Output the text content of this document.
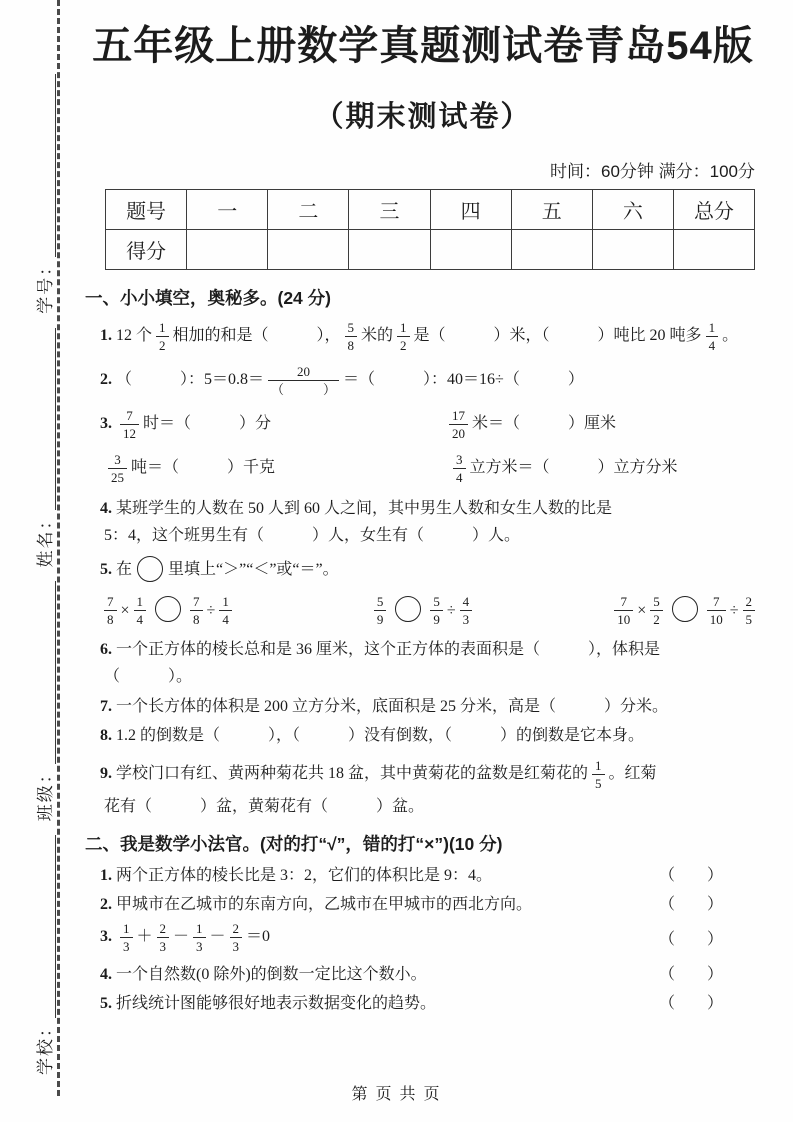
学校：
班级：
姓名：
学号：
五年级上册数学真题测试卷青岛54版
（期末测试卷）
时间：60分钟 满分：100分
题号	一	二	三	四	五	六	总分
得分							
一、小小填空，奥秘多。(24 分)
1. 12 个 $\frac{1}{2}$ 相加的和是（　　　）， $\frac{5}{8}$ 米的 $\frac{1}{2}$ 是（　　　）米，（　　　）吨比 20 吨多 $\frac{1}{4}$ 。
2. （　　　）：$5=0.8= \frac{20}{( )}$ ＝（　　　）：40＝16÷（　　　）
3. $\frac{7}{12}$ 时＝（　　　）分	$\frac{17}{20}$ 米＝（　　　）厘米
$\frac{3}{25}$ 吨＝（　　　）千克	$\frac{3}{4}$ 立方米＝（　　　）立方分米
4. 某班学生的人数在 50 人到 60 人之间，其中男生人数和女生人数的比是
5：4，这个班男生有（　　　）人，女生有（　　　）人。
5. 在 里填上“＞”“＜”或“＝”。
$\frac{7}{8} \times \frac{1}{4}$	$\frac{7}{8} \div \frac{1}{4}$	$\frac{5}{9}$	$\frac{5}{9} \div \frac{4}{3}$	$\frac{7}{10} \times \frac{5}{2}$	$\frac{7}{10} \div \frac{2}{5}$
6. 一个正方体的棱长总和是 36 厘米，这个正方体的表面积是（　　　），体积是
（　　　）。
7. 一个长方体的体积是 200 立方分米，底面积是 25 分米，高是（　　　）分米。
8. 1.2 的倒数是（　　　），（　　　）没有倒数，（　　　）的倒数是它本身。
9. 学校门口有红、黄两种菊花共 18 盆，其中黄菊花的盆数是红菊花的 $\frac{1}{5}$ 。红菊
花有（　　　）盆，黄菊花有（　　　）盆。
二、我是数学小法官。(对的打“√”，错的打“×”)(10 分)
1. 两个正方体的棱长比是 3：2，它们的体积比是 9：4。	（　　）
2. 甲城市在乙城市的东南方向，乙城市在甲城市的西北方向。	（　　）
3. $\frac{1}{3} + \frac{2}{3} - \frac{1}{3} - \frac{2}{3} =0$	（　　）
4. 一个自然数(0 除外)的倒数一定比这个数小。	（　　）
5. 折线统计图能够很好地表示数据变化的趋势。	（　　）
第 页 共 页
